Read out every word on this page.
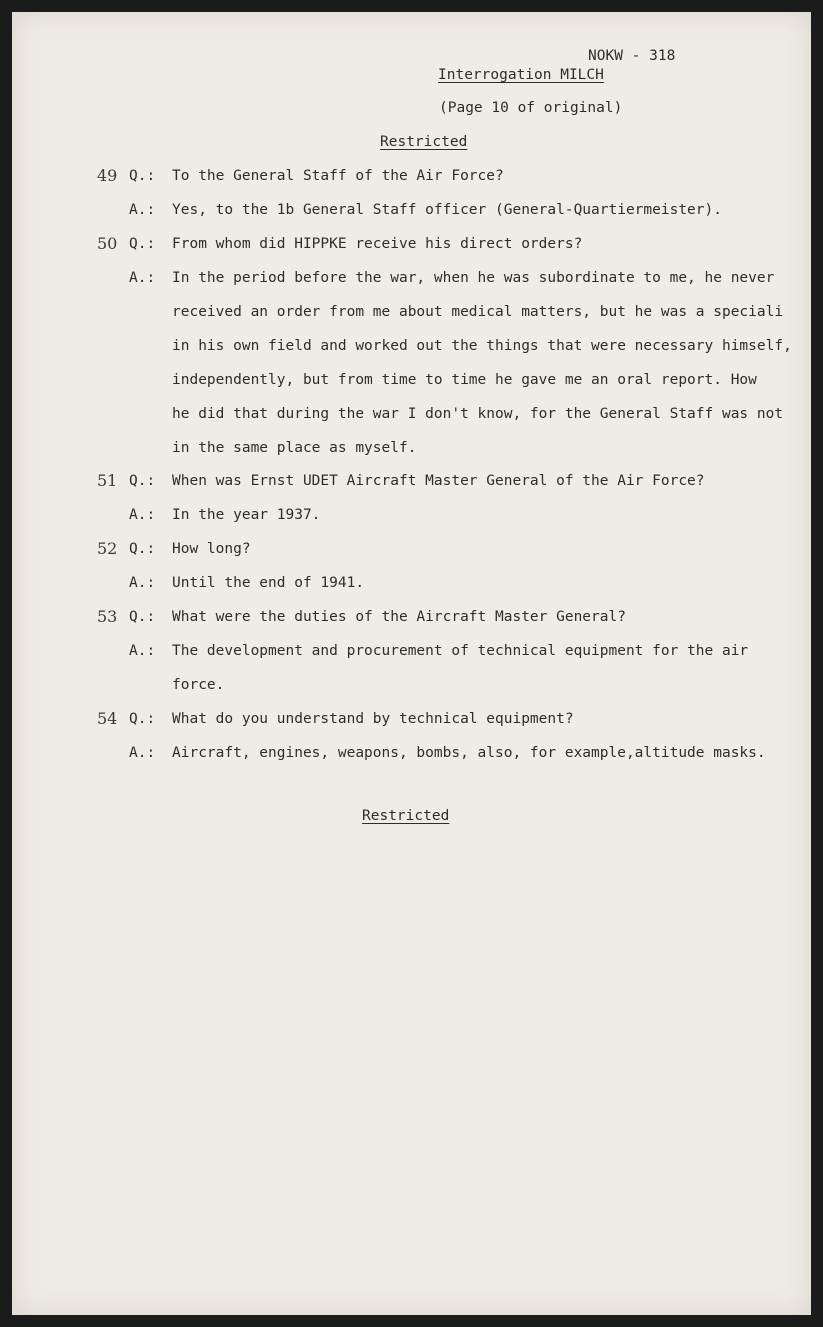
NOKW - 318
Interrogation MILCH
(Page 10 of original)
Restricted
49 Q.: To the General Staff of the Air Force?
A.: Yes, to the 1b General Staff officer (General-Quartiermeister).
50 Q.: From whom did HIPPKE receive his direct orders?
A.: In the period before the war, when he was subordinate to me, he never
received an order from me about medical matters, but he was a speciali
in his own field and worked out the things that were necessary himself,
independently, but from time to time he gave me an oral report. How
he did that during the war I don't know, for the General Staff was not
in the same place as myself.
51 Q.: When was Ernst UDET Aircraft Master General of the Air Force?
A.: In the year 1937.
52 Q.: How long?
A.: Until the end of 1941.
53 Q.: What were the duties of the Aircraft Master General?
A.: The development and procurement of technical equipment for the air
force.
54 Q.: What do you understand by technical equipment?
A.: Aircraft, engines, weapons, bombs, also, for example,altitude masks.
Restricted
